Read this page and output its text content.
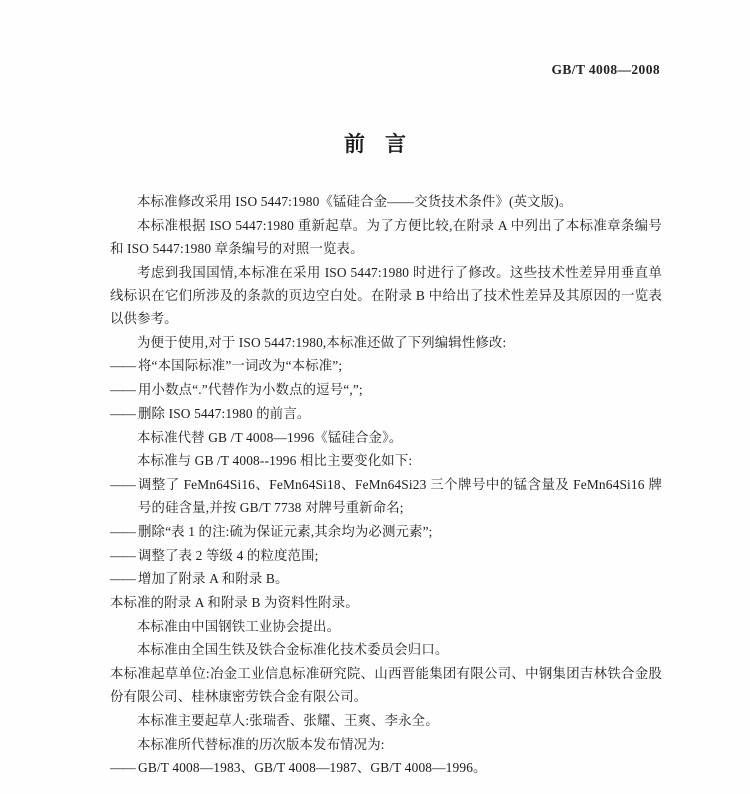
GB/T 4008—2008
前 言
本标准修改采用 ISO 5447:1980《锰硅合金——交货技术条件》(英文版)。
本标准根据 ISO 5447:1980 重新起草。为了方便比较,在附录 A 中列出了本标准章条编号和 ISO 5447:1980 章条编号的对照一览表。
考虑到我国国情,本标准在采用 ISO 5447:1980 时进行了修改。这些技术性差异用垂直单线标识在它们所涉及的条款的页边空白处。在附录 B 中给出了技术性差异及其原因的一览表以供参考。
为便于使用,对于 ISO 5447:1980,本标准还做了下列编辑性修改:
—— 将“本国际标准”一词改为“本标准”;
—— 用小数点“.”代替作为小数点的逗号“,”;
—— 删除 ISO 5447:1980 的前言。
本标准代替 GB /T 4008—1996《锰硅合金》。
本标准与 GB /T 4008--1996 相比主要变化如下:
—— 调整了 FeMn64Si16、FeMn64Si18、FeMn64Si23 三个牌号中的锰含量及 FeMn64Si16 牌号的硅含量,并按 GB/T 7738 对牌号重新命名;
—— 删除“表 1 的注:硫为保证元素,其余均为必测元素”;
—— 调整了表 2 等级 4 的粒度范围;
—— 增加了附录 A 和附录 B。
本标准的附录 A 和附录 B 为资料性附录。
本标准由中国钢铁工业协会提出。
本标准由全国生铁及铁合金标准化技术委员会归口。
本标准起草单位:冶金工业信息标准研究院、山西晋能集团有限公司、中钢集团吉林铁合金股份有限公司、桂林康密劳铁合金有限公司。
本标准主要起草人:张瑞香、张耀、王爽、李永全。
本标准所代替标准的历次版本发布情况为:
—— GB/T 4008—1983、GB/T 4008—1987、GB/T 4008—1996。
